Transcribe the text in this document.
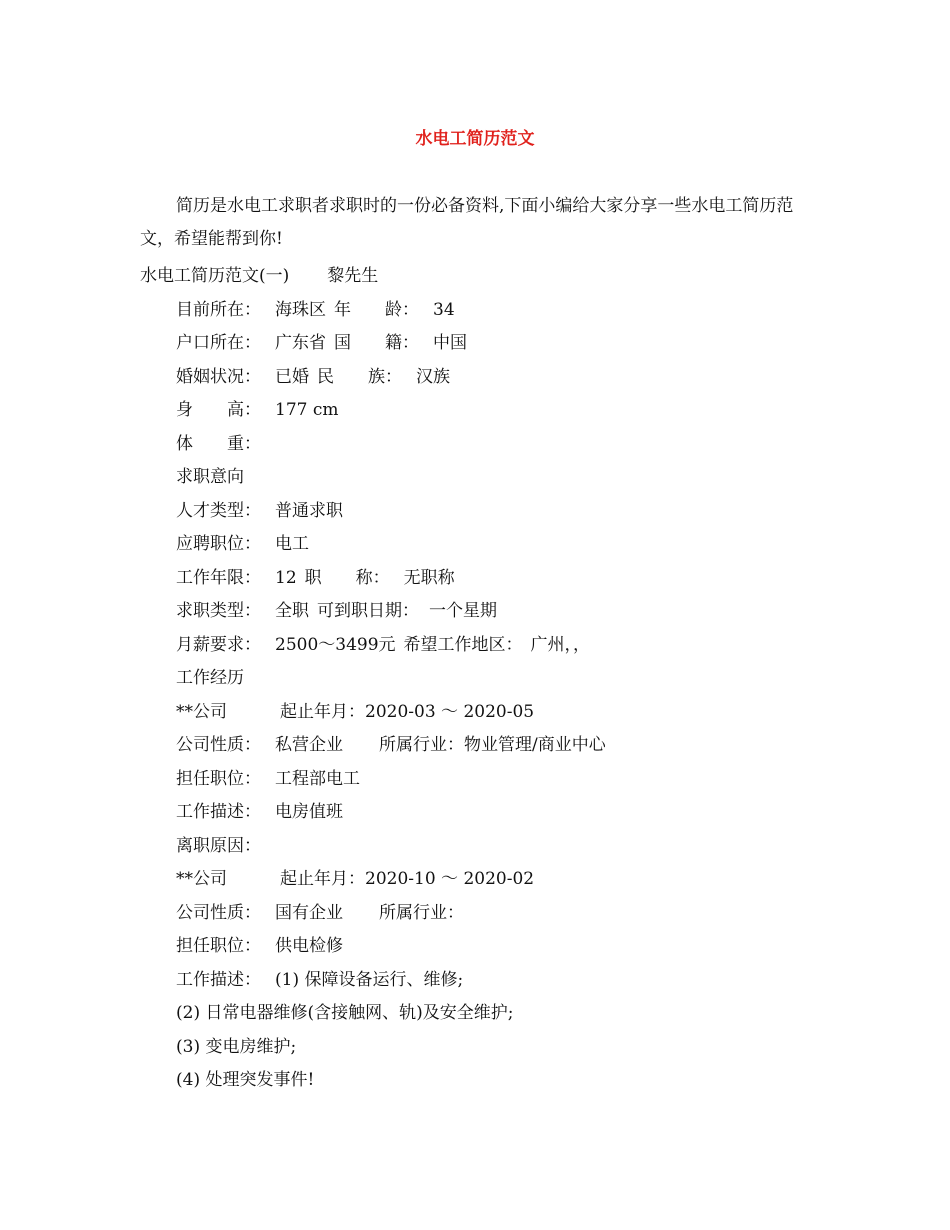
水电工简历范文
简历是水电工求职者求职时的一份必备资料,下面小编给大家分享一些水电工简历范文，希望能帮到你!
水电工简历范文(一) 黎先生
目前所在： 海珠区 年　　龄： 34
户口所在： 广东省 国　　籍： 中国
婚姻状况： 已婚 民　　族： 汉族
身　　高： 177 cm
体　　重：
求职意向
人才类型： 普通求职
应聘职位： 电工
工作年限： 12 职　　称： 无职称
求职类型： 全职 可到职日期： 一个星期
月薪要求： 2500～3499元 希望工作地区： 广州，，
工作经历
**公司	起止年月：2020-03 ～ 2020-05
公司性质： 私营企业 所属行业：物业管理/商业中心
担任职位： 工程部电工
工作描述： 电房值班
离职原因：
**公司	起止年月：2020-10 ～ 2020-02
公司性质： 国有企业 所属行业：
担任职位： 供电检修
工作描述： (1) 保障设备运行、维修;
(2) 日常电器维修(含接触网、轨)及安全维护;
(3) 变电房维护;
(4) 处理突发事件!
